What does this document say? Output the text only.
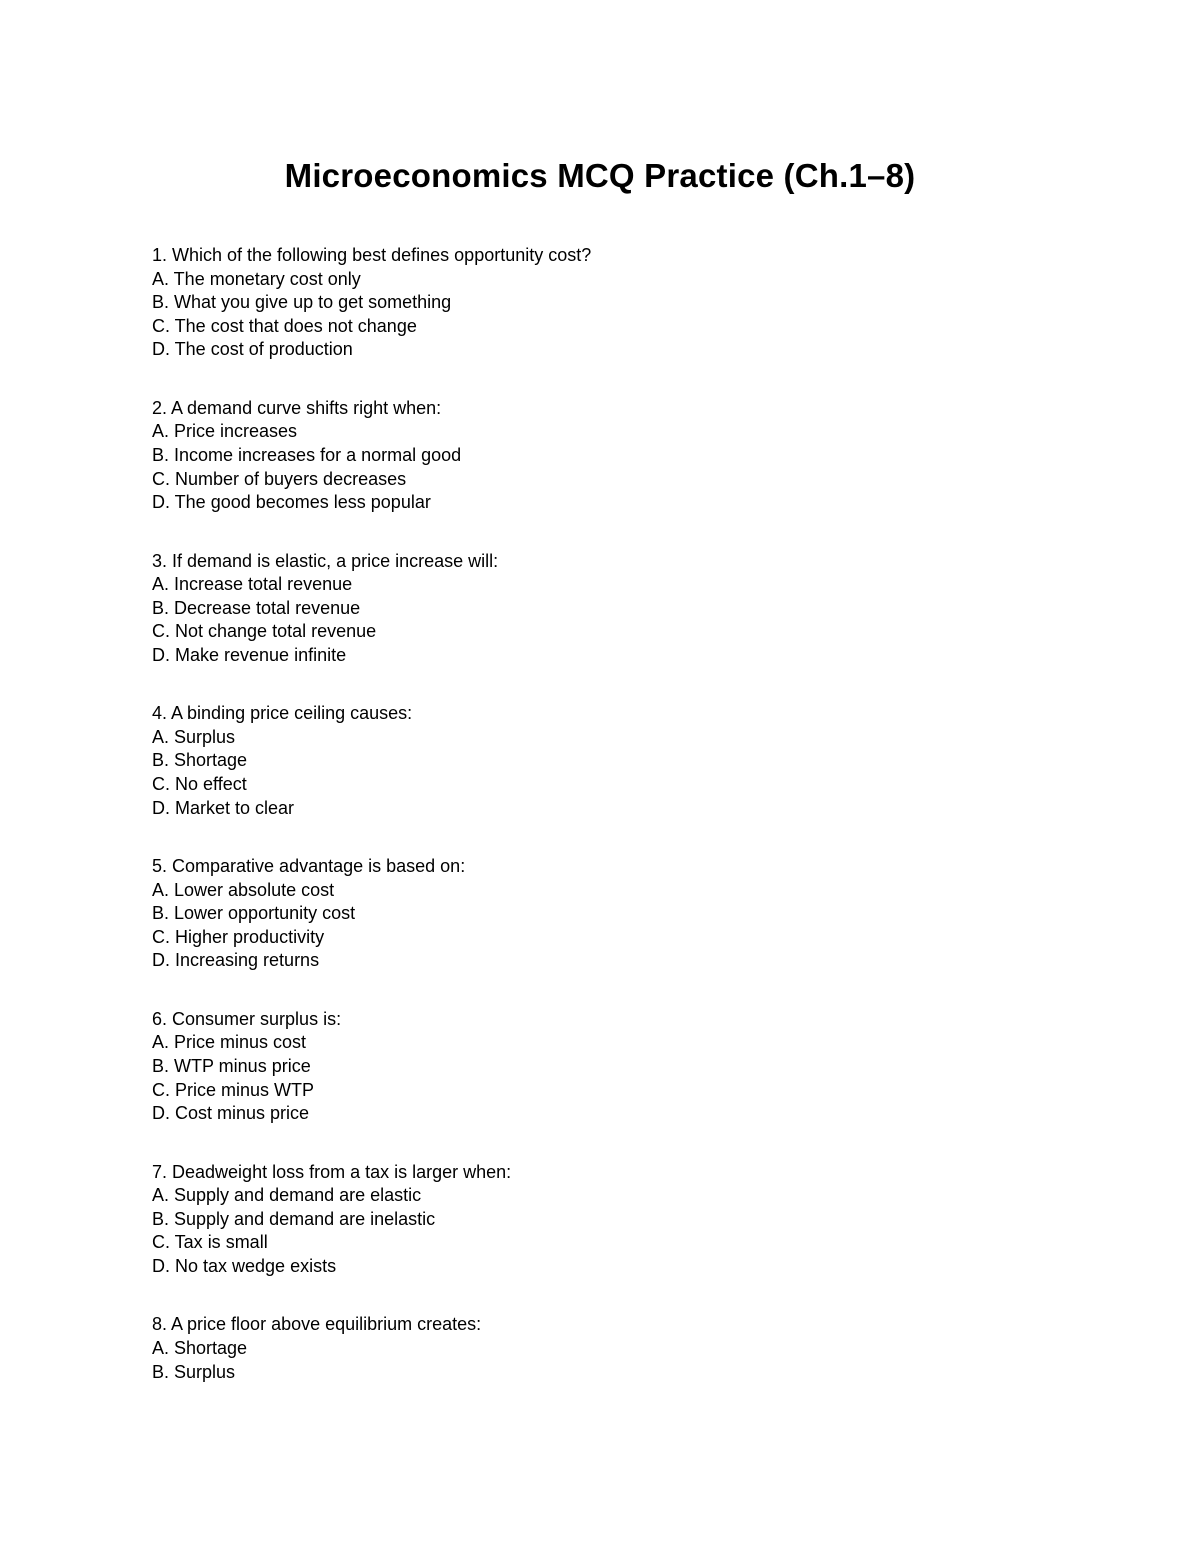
Microeconomics MCQ Practice (Ch.1–8)
1. Which of the following best defines opportunity cost?
A. The monetary cost only
B. What you give up to get something
C. The cost that does not change
D. The cost of production
2. A demand curve shifts right when:
A. Price increases
B. Income increases for a normal good
C. Number of buyers decreases
D. The good becomes less popular
3. If demand is elastic, a price increase will:
A. Increase total revenue
B. Decrease total revenue
C. Not change total revenue
D. Make revenue infinite
4. A binding price ceiling causes:
A. Surplus
B. Shortage
C. No effect
D. Market to clear
5. Comparative advantage is based on:
A. Lower absolute cost
B. Lower opportunity cost
C. Higher productivity
D. Increasing returns
6. Consumer surplus is:
A. Price minus cost
B. WTP minus price
C. Price minus WTP
D. Cost minus price
7. Deadweight loss from a tax is larger when:
A. Supply and demand are elastic
B. Supply and demand are inelastic
C. Tax is small
D. No tax wedge exists
8. A price floor above equilibrium creates:
A. Shortage
B. Surplus
